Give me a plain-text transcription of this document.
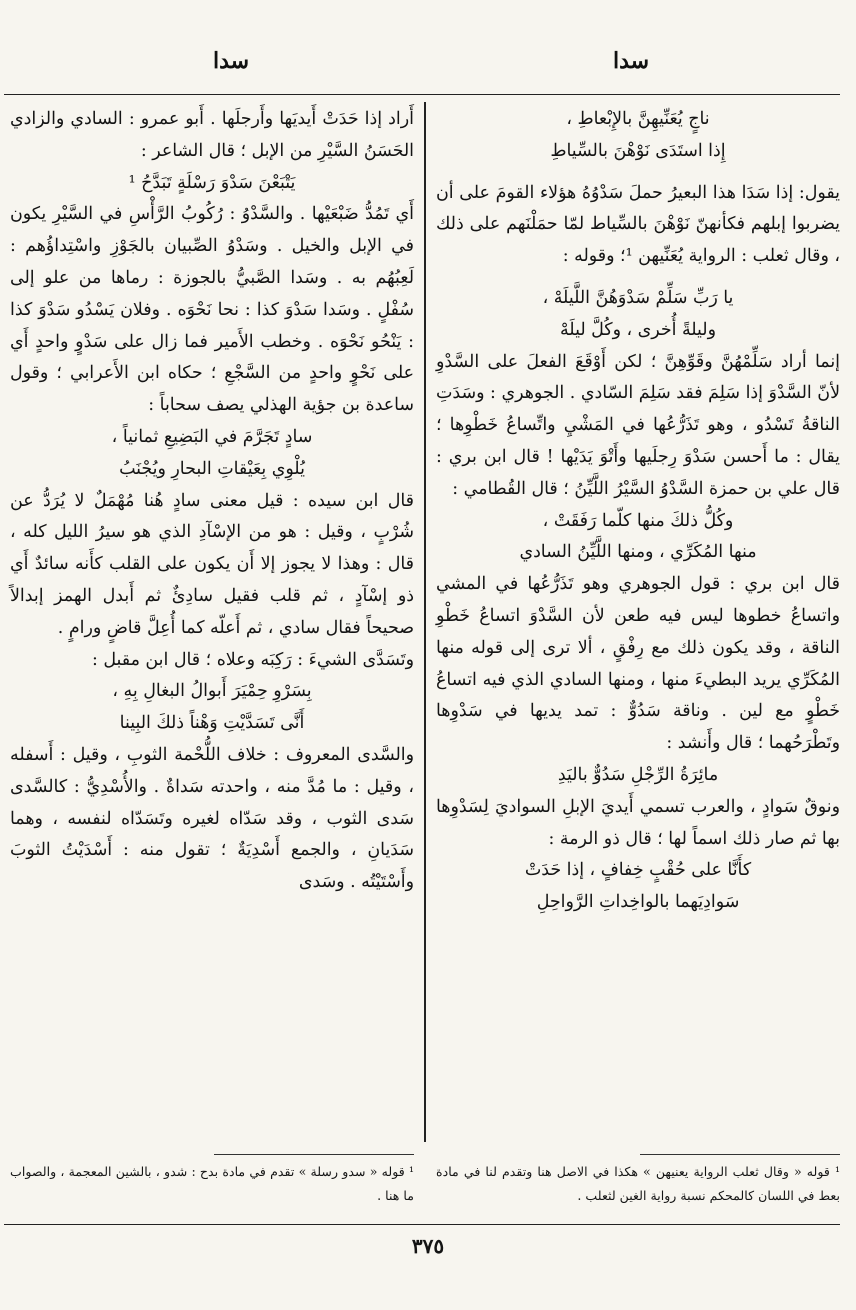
سدا
سدا

ناجٍ يُعَنِّيهِنَّ بالإِبْعاطِ ،

إِذا استَدَى نَوْهْنَ بالسِّياطِ

يقول: إذا سَدَا هذا البعيرُ حملَ سَدْوُهُ هؤلاء القومَ على أن يضربوا إبلهم فكأنهنّ نَوْهْنَ بالسِّياط لمّا حمَلْنَهم على ذلك ، وقال ثعلب : الرواية يُعَنِّيهن ¹؛ وقوله :

يا رَبِّ سَلِّمْ سَدْوَهُنَّ اللَّيلَهْ ،

وليلةً أُخرى ، وكُلَّ ليلَهْ

إنما أراد سَلِّمْهُنَّ وقَوِّهِنَّ ؛ لكن أَوْقَعَ الفعلَ على السَّدْوِ لأنّ السَّدْوَ إذا سَلِمَ فقد سَلِمَ السّادي . الجوهري : وسَدَتِ الناقةُ تَسْدُو ، وهو تَذَرُّعُها في المَشْيِ واتِّساعُ خَطْوِها ؛ يقال : ما أَحسن سَدْوَ رِجلَيها وأَتْوَ يَدَيْها ! قال ابن بري : قال علي بن حمزة السَّدْوُ السَّيْرُ اللَّيِّنُ ؛ قال القُطامي :

وكُلُّ ذلكَ منها كلّما رَفَقَتْ ،

منها المُكَرِّي ، ومنها اللَّيِّنُ السادي

قال ابن بري : قول الجوهري وهو تَذَرُّعُها في المشي واتساعُ خطوها ليس فيه طعن لأن السَّدْوَ اتساعُ خَطْوِ الناقة ، وقد يكون ذلك مع رِفْقٍ ، ألا ترى إلى قوله منها المُكَرِّي يريد البطيءَ منها ، ومنها السادي الذي فيه اتساعُ خَطْوٍ مع لين . وناقة سَدُوٌّ : تمد يديها في سَدْوِها وتَطْرَحُهما ؛ قال وأَنشد :

مائِرَةُ الرِّجْلِ سَدُوٌّ باليَدِ

ونوقٌ سَوادٍ ، والعرب تسمي أَيديَ الإبلِ السواديَ لِسَدْوِها بها ثم صار ذلك اسماً لها ؛ قال ذو الرمة :

كأَنَّا على حُقْبٍ خِفافٍ ، إذا حَدَتْ

سَوادِيَهما بالواخِداتِ الرَّواحِلِ

أَراد إذا حَدَتْ أَيديَها وأَرجلَها . أَبو عمرو : السادي والزادي الحَسَنُ السَّيْرِ من الإبل ؛ قال الشاعر :

يَتْبَعْنَ سَدْوَ رَسْلَةٍ تَبَدَّحُ ¹

أَي تَمُدُّ ضَبْعَيْها . والسَّدْوُ : رُكُوبُ الرَّأْسِ في السَّيْرِ يكون في الإبل والخيل . وسَدْوُ الصِّبيان بالجَوْزِ واسْتِداؤُهم : لَعِبُهُم به . وسَدا الصَّبيُّ بالجوزة : رماها من علو إلى سُفْلٍ . وسَدا سَدْوَ كذا : نحا نَحْوَه . وفلان يَسْدُو سَدْوَ كذا : يَنْحُو نَحْوَه . وخطب الأَمير فما زال على سَدْوٍ واحدٍ أَي على نَحْوٍ واحدٍ من السَّجْعِ ؛ حكاه ابن الأَعرابي ؛ وقول ساعدة بن جؤية الهذلي يصف سحاباً :

سادٍ تَجَرَّمَ في البَضِيعِ ثمانياً ،

يُلْوِي بِعَيْقاتِ البحارِ ويُجْنَبُ

قال ابن سيده : قيل معنى سادٍ هُنا مُهْمَلٌ لا يُرَدُّ عن شُرْبٍ ، وقيل : هو من الإسْآدِ الذي هو سيرُ الليل كله ، قال : وهذا لا يجوز إلا أَن يكون على القلب كأَنه سائدٌ أَي ذو إسْآدٍ ، ثم قلب فقيل سادِئٌ ثم أَبدل الهمز إبدالاً صحيحاً فقال سادي ، ثم أَعلّه كما أُعِلَّ قاضٍ ورامٍ .

وتَسَدَّى الشيءَ : رَكِبَه وعلاه ؛ قال ابن مقبل :

بِسَرْوِ حِمْيَرَ أَبوالُ البغالِ بِهِ ،

أَنَّى تَسَدَّيْتِ وَهْناً ذلكَ البِينا

والسَّدى المعروف : خلاف اللُّحْمة الثوبِ ، وقيل : أَسفله ، وقيل : ما مُدَّ منه ، واحدته سَداةٌ . والأُسْدِيُّ : كالسَّدى سَدى الثوب ، وقد سَدّاه لغيره وتَسَدّاه لنفسه ، وهما سَدَيانِ ، والجمع أَسْدِيَةٌ ؛ تقول منه : أَسْدَيْتُ الثوبَ وأَسْتَيْتُه . وسَدى

¹ قوله « وقال ثعلب الرواية يعنيهن » هكذا في الاصل هنا وتقدم لنا في مادة بعط في اللسان كالمحكم نسبة رواية الغين لثعلب .
¹ قوله « سدو رسلة » تقدم في مادة بدح : شدو ، بالشين المعجمة ، والصواب ما هنا .
٣٧٥
